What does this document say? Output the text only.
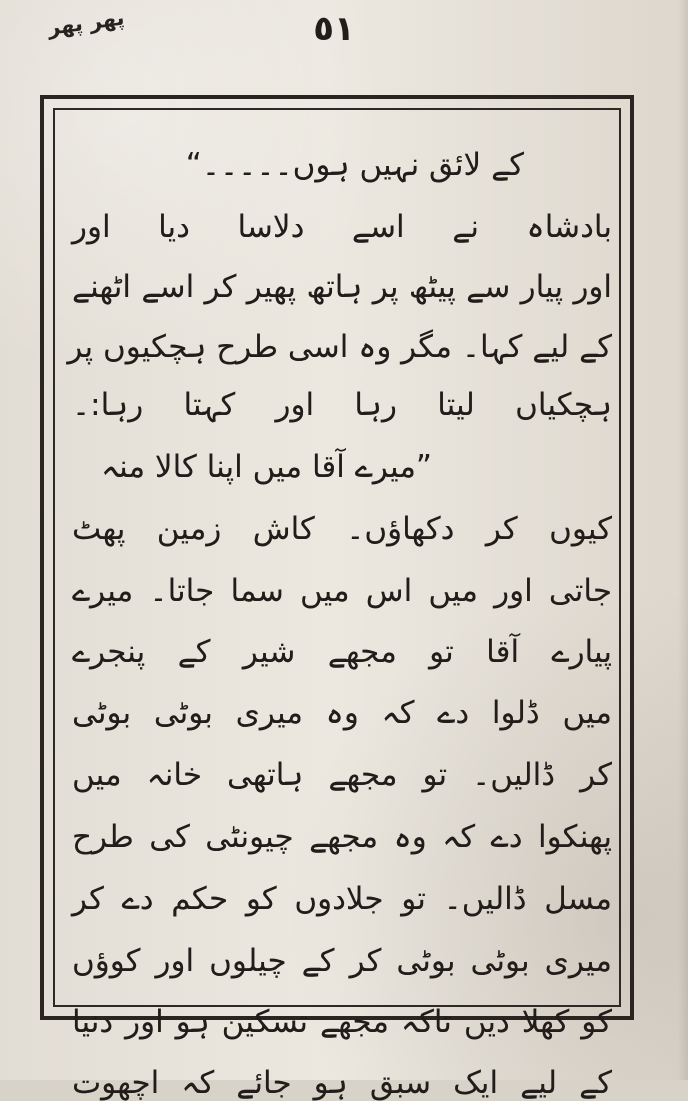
پھر پھر	٥١
کے لائق نہیں ہوں۔۔۔۔۔“
بادشاہ نے اسے دلاسا دیا اور
اور پیار سے پیٹھ پر ہاتھ پھیر کر اسے اٹھنے
کے لیے کہا۔ مگر وہ اسی طرح ہچکیوں پر
ہچکیاں لیتا رہا اور کہتا رہا:۔
”میرے آقا میں اپنا کالا منہ
کیوں کر دکھاؤں۔ کاش زمین پھٹ
جاتی اور میں اس میں سما جاتا۔ میرے
پیارے آقا تو مجھے شیر کے پنجرے
میں ڈلوا دے کہ وہ میری بوٹی بوٹی
کر ڈالیں۔ تو مجھے ہاتھی خانہ میں
پھنکوا دے کہ وہ مجھے چیونٹی کی طرح
مسل ڈالیں۔ تو جلادوں کو حکم دے کر
میری بوٹی بوٹی کر کے چیلوں اور کوؤں
کو کھلا دیں تاکہ مجھے تسکین ہو اور دنیا
کے لیے ایک سبق ہو جائے کہ اچھوت
